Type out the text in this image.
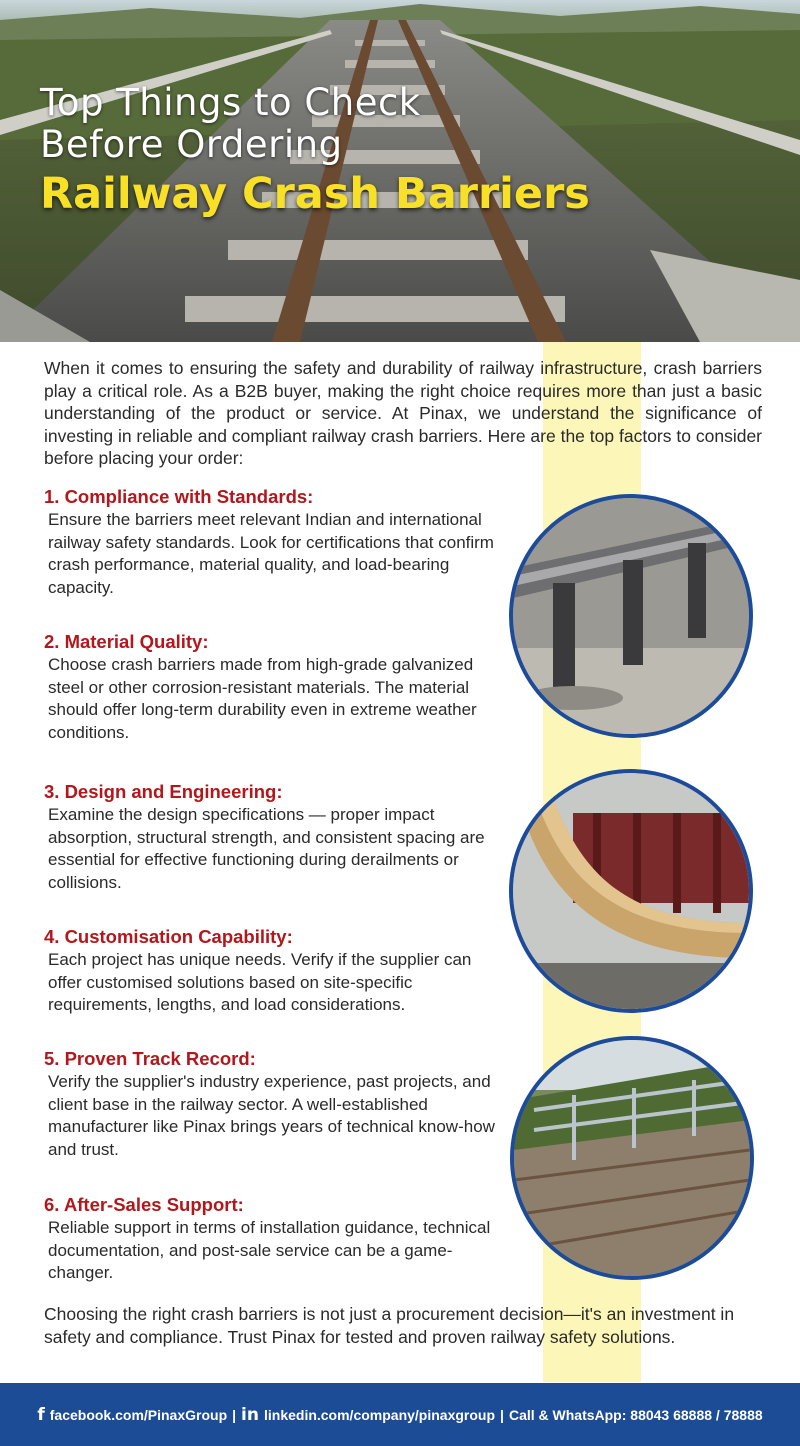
Top Things to Check
Before Ordering
Railway Crash Barriers

When it comes to ensuring the safety and durability of railway infrastructure, crash barriers play a critical role. As a B2B buyer, making the right choice requires more than just a basic understanding of the product or service. At Pinax, we understand the significance of investing in reliable and compliant railway crash barriers. Here are the top factors to consider before placing your order:

1. Compliance with Standards:

Ensure the barriers meet relevant Indian and international railway safety standards. Look for certifications that confirm crash performance, material quality, and load-bearing capacity.

2. Material Quality:

Choose crash barriers made from high-grade galvanized steel or other corrosion-resistant materials. The material should offer long-term durability even in extreme weather conditions.

3. Design and Engineering:

Examine the design specifications — proper impact absorption, structural strength, and consistent spacing are essential for effective functioning during derailments or collisions.

4. Customisation Capability:

Each project has unique needs. Verify if the supplier can offer customised solutions based on site-specific requirements, lengths, and load considerations.

5. Proven Track Record:

Verify the supplier's industry experience, past projects, and client base in the railway sector. A well-established manufacturer like Pinax brings years of technical know-how and trust.

6. After-Sales Support:

Reliable support in terms of installation guidance, technical documentation, and post-sale service can be a game-changer.

Choosing the right crash barriers is not just a procurement decision—it's an investment in safety and compliance. Trust Pinax for tested and proven railway safety solutions.

f facebook.com/PinaxGroup | in linkedin.com/company/pinaxgroup | Call & WhatsApp: 88043 68888 / 78888
